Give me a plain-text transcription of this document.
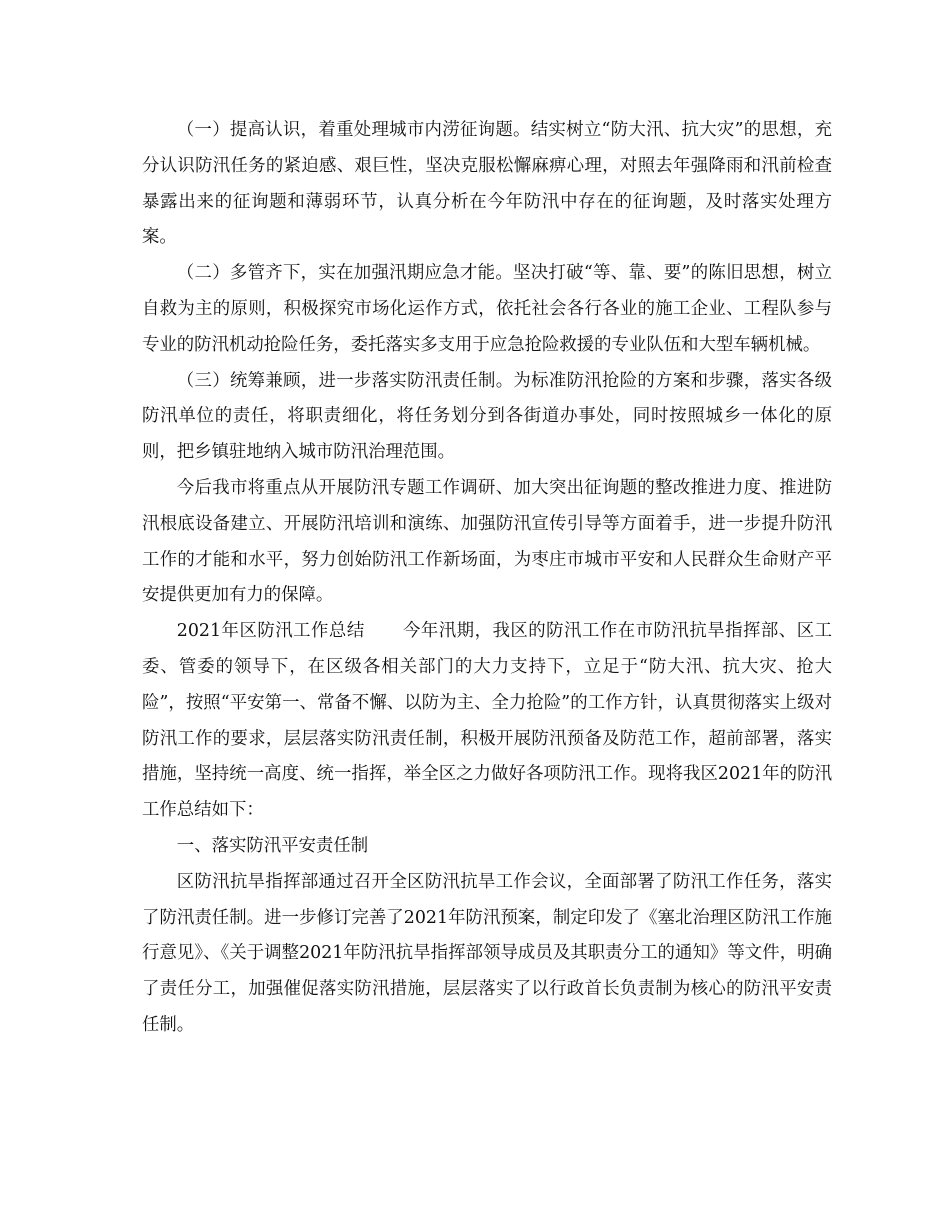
（一）提高认识，着重处理城市内涝征询题。结实树立“防大汛、抗大灾”的思想，充分认识防汛任务的紧迫感、艰巨性，坚决克服松懈麻痹心理，对照去年强降雨和汛前检查暴露出来的征询题和薄弱环节，认真分析在今年防汛中存在的征询题，及时落实处理方案。

（二）多管齐下，实在加强汛期应急才能。坚决打破“等、靠、要”的陈旧思想，树立自救为主的原则，积极探究市场化运作方式，依托社会各行各业的施工企业、工程队参与专业的防汛机动抢险任务，委托落实多支用于应急抢险救援的专业队伍和大型车辆机械。

（三）统筹兼顾，进一步落实防汛责任制。为标准防汛抢险的方案和步骤，落实各级防汛单位的责任，将职责细化，将任务划分到各街道办事处，同时按照城乡一体化的原则，把乡镇驻地纳入城市防汛治理范围。

今后我市将重点从开展防汛专题工作调研、加大突出征询题的整改推进力度、推进防汛根底设备建立、开展防汛培训和演练、加强防汛宣传引导等方面着手，进一步提升防汛工作的才能和水平，努力创始防汛工作新场面，为枣庄市城市平安和人民群众生命财产平安提供更加有力的保障。

2021年区防汛工作总结 今年汛期，我区的防汛工作在市防汛抗旱指挥部、区工委、管委的领导下，在区级各相关部门的大力支持下，立足于“防大汛、抗大灾、抢大险”，按照“平安第一、常备不懈、以防为主、全力抢险”的工作方针，认真贯彻落实上级对防汛工作的要求，层层落实防汛责任制，积极开展防汛预备及防范工作，超前部署，落实措施，坚持统一高度、统一指挥，举全区之力做好各项防汛工作。现将我区2021年的防汛工作总结如下：

一、落实防汛平安责任制

区防汛抗旱指挥部通过召开全区防汛抗旱工作会议，全面部署了防汛工作任务，落实了防汛责任制。进一步修订完善了2021年防汛预案，制定印发了《塞北治理区防汛工作施行意见》、《关于调整2021年防汛抗旱指挥部领导成员及其职责分工的通知》等文件，明确了责任分工，加强催促落实防汛措施，层层落实了以行政首长负责制为核心的防汛平安责任制。
